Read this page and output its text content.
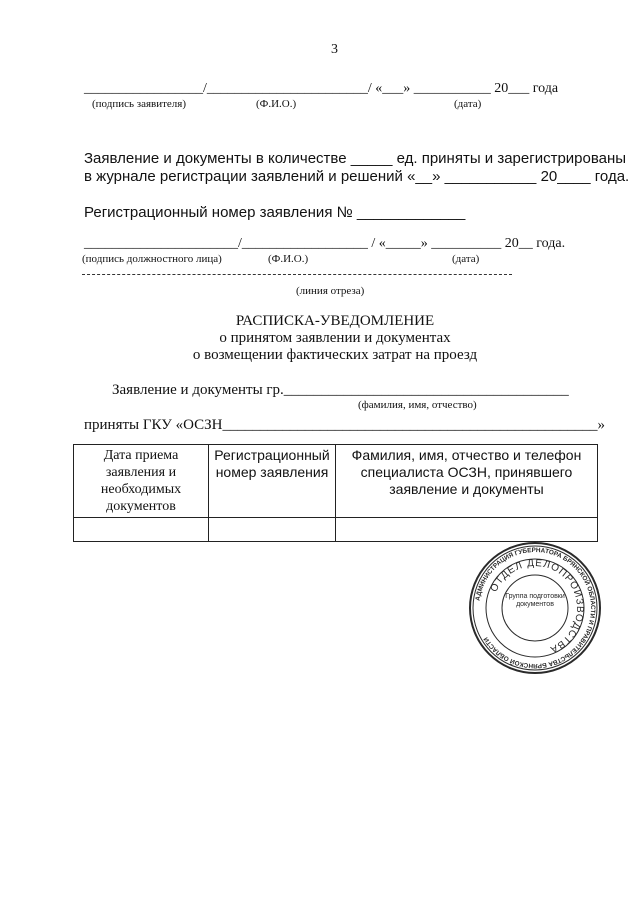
3
_________________/_______________________/ «___» ___________ 20___ года
(подпись заявителя)	(Ф.И.О.)	(дата)
Заявление и документы в количестве _____ ед. приняты и зарегистрированы
в журнале регистрации заявлений и решений «__» ___________ 20____ года.
Регистрационный номер заявления № _____________
______________________/__________________ / «_____» __________ 20__ года.
(подпись должностного лица)	(Ф.И.О.)	(дата)
(линия отреза)
РАСПИСКА-УВЕДОМЛЕНИЕ
о принятом заявлении и документах
о возмещении фактических затрат на проезд
Заявление и документы гр.______________________________________
(фамилия, имя, отчество)
приняты ГКУ «ОСЗН__________________________________________________»
Дата приема заявления и необходимых документов	Регистрационный номер заявления	Фамилия, имя, отчество и телефон специалиста ОСЗН, принявшего заявление и документы

АДМИНИСТРАЦИЯ ГУБЕРНАТОРА БРЯНСКОЙ ОБЛАСТИ И ПРАВИТЕЛЬСТВА БРЯНСКОЙ ОБЛАСТИ
ОТДЕЛ ДЕЛОПРОИЗВОДСТВА
Группа подготовки документов
